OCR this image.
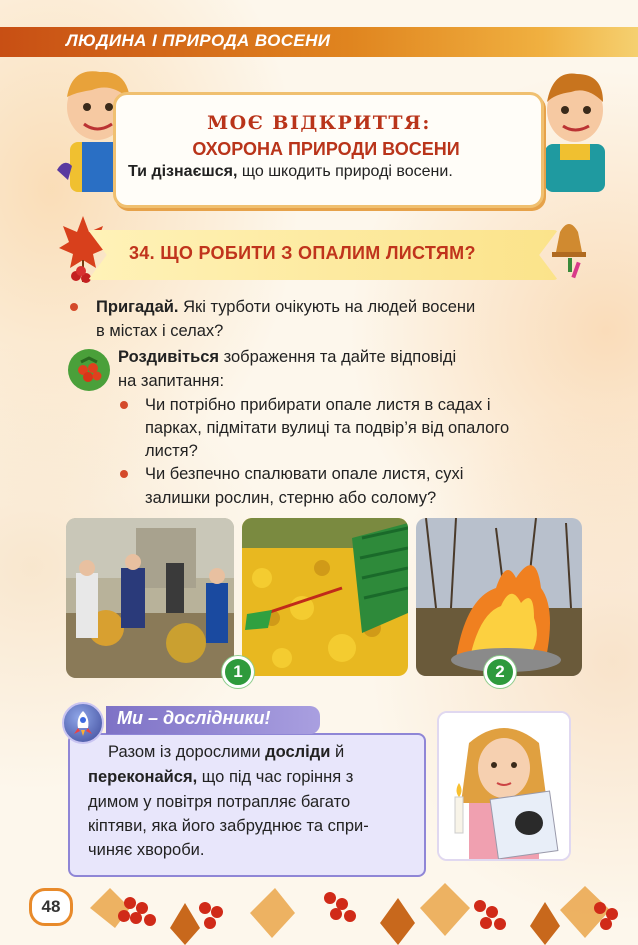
ЛЮДИНА І ПРИРОДА ВОСЕНИ
МОЄ ВІДКРИТТЯ:
ОХОРОНА ПРИРОДИ ВОСЕНИ
Ти дізнаєшся, що шкодить природі восени.
34. ЩО РОБИТИ З ОПАЛИМ ЛИСТЯМ?
Пригадай. Які турботи очікують на людей восени
в містах і селах?
Роздивіться зображення та дайте відповіді
на запитання:
Чи потрібно прибирати опале листя в садах і
парках, підмітати вулиці та подвір’я від опалого
листя?
Чи безпечно спалювати опале листя, сухі
залишки рослин, стерню або солому?
1	2
Ми – дослідники!
Разом із дорослими досліди й
переконайся, що під час горіння з
димом у повітря потрапляє багато
кіптяви, яка його забруднює та спри-
чиняє хвороби.
48
